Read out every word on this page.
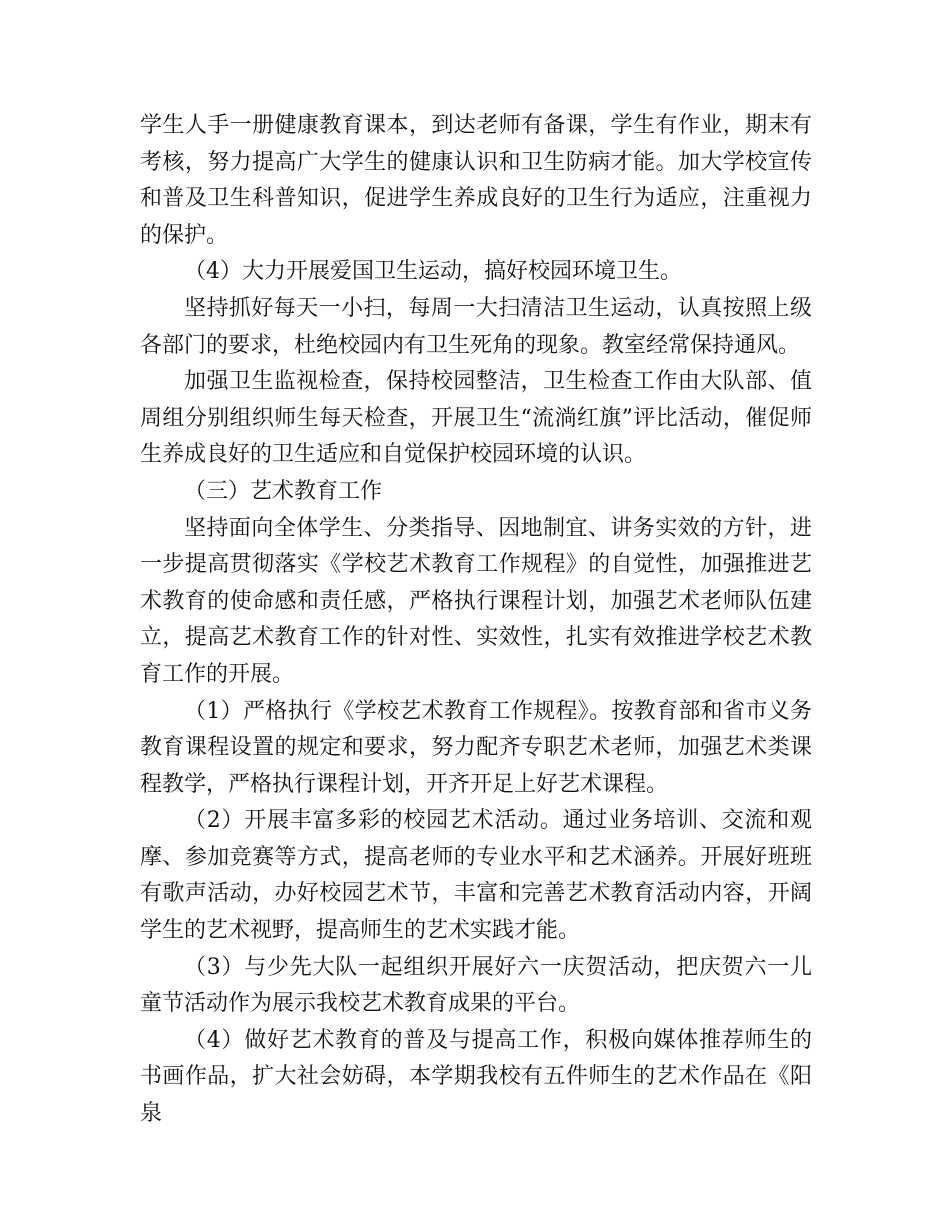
学生人手一册健康教育课本，到达老师有备课，学生有作业，期末有考核，努力提高广大学生的健康认识和卫生防病才能。加大学校宣传和普及卫生科普知识，促进学生养成良好的卫生行为适应，注重视力的保护。

（4）大力开展爱国卫生运动，搞好校园环境卫生。

坚持抓好每天一小扫，每周一大扫清洁卫生运动，认真按照上级各部门的要求，杜绝校园内有卫生死角的现象。教室经常保持通风。

加强卫生监视检查，保持校园整洁，卫生检查工作由大队部、值周组分别组织师生每天检查，开展卫生“流淌红旗”评比活动，催促师生养成良好的卫生适应和自觉保护校园环境的认识。

（三）艺术教育工作

坚持面向全体学生、分类指导、因地制宜、讲务实效的方针，进一步提高贯彻落实《学校艺术教育工作规程》的自觉性，加强推进艺术教育的使命感和责任感，严格执行课程计划，加强艺术老师队伍建立，提高艺术教育工作的针对性、实效性，扎实有效推进学校艺术教育工作的开展。

（1）严格执行《学校艺术教育工作规程》。按教育部和省市义务教育课程设置的规定和要求，努力配齐专职艺术老师，加强艺术类课程教学，严格执行课程计划，开齐开足上好艺术课程。

（2）开展丰富多彩的校园艺术活动。通过业务培训、交流和观摩、参加竞赛等方式，提高老师的专业水平和艺术涵养。开展好班班有歌声活动，办好校园艺术节，丰富和完善艺术教育活动内容，开阔学生的艺术视野，提高师生的艺术实践才能。

（3）与少先大队一起组织开展好六一庆贺活动，把庆贺六一儿童节活动作为展示我校艺术教育成果的平台。

（4）做好艺术教育的普及与提高工作，积极向媒体推荐师生的书画作品，扩大社会妨碍，本学期我校有五件师生的艺术作品在《阳泉
